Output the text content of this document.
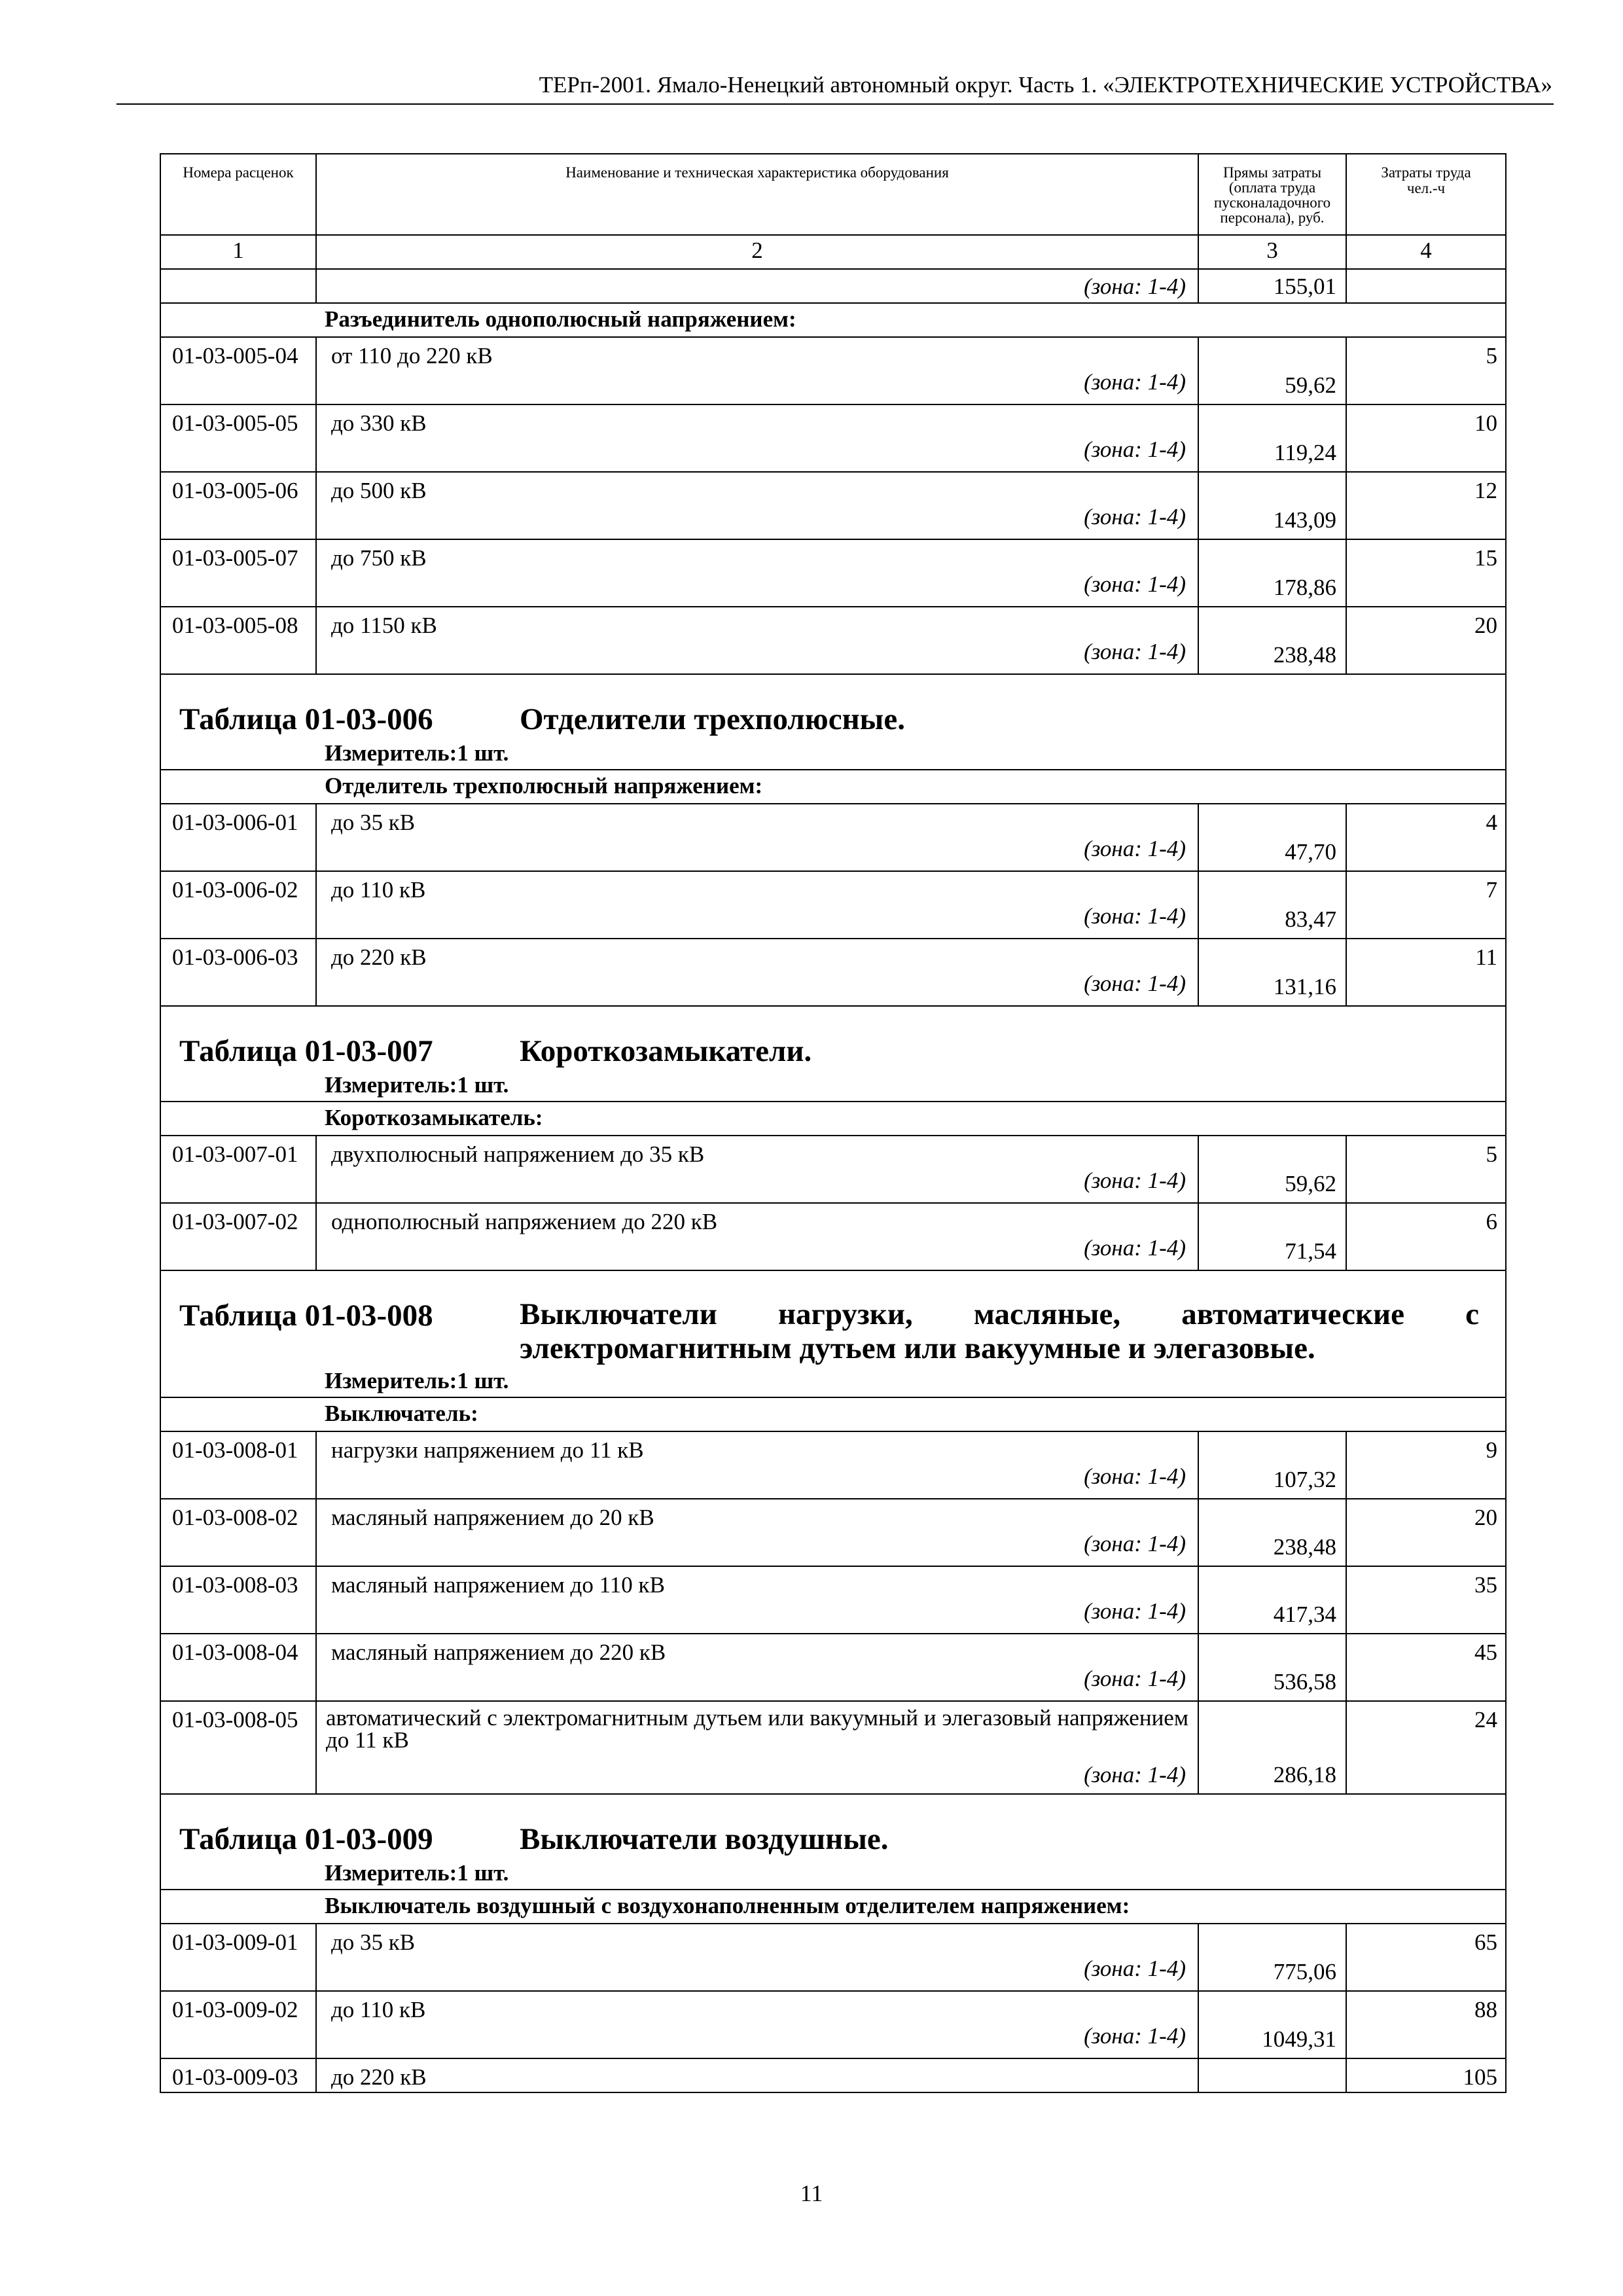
ТЕРп-2001. Ямало-Ненецкий автономный округ. Часть 1. «ЭЛЕКТРОТЕХНИЧЕСКИЕ УСТРОЙСТВА»
Номера расценок	Наименование и техническая характеристика оборудования	Прямы затраты (оплата труда пусконаладочного персонала), руб.	Затраты труда чел.-ч
1	2	3	4

	(зона: 1-4)	155,01	
Разъединитель однополюсный напряжением:			
01-03-005-04	от 110 до 220 кВ
(зона: 1-4)	59,62	5
01-03-005-05	до 330 кВ
(зона: 1-4)	119,24	10
01-03-005-06	до 500 кВ
(зона: 1-4)	143,09	12
01-03-005-07	до 750 кВ
(зона: 1-4)	178,86	15
01-03-005-08	до 1150 кВ
(зона: 1-4)	238,48	20

Таблица 01-03-006 Отделители трехполюсные.
Измеритель:1 шт.			

Отделитель трехполюсный напряжением:			
01-03-006-01	до 35 кВ
(зона: 1-4)	47,70	4
01-03-006-02	до 110 кВ
(зона: 1-4)	83,47	7
01-03-006-03	до 220 кВ
(зона: 1-4)	131,16	11

Таблица 01-03-007 Короткозамыкатели.
Измеритель:1 шт.			

Короткозамыкатель:			
01-03-007-01	двухполюсный напряжением до 35 кВ
(зона: 1-4)	59,62	5
01-03-007-02	однополюсный напряжением до 220 кВ
(зона: 1-4)	71,54	6

Таблица 01-03-008 Выключатели нагрузки, масляные, автоматические с электромагнитным дутьем или вакуумные и элегазовые.
Измеритель:1 шт.			

Выключатель:			
01-03-008-01	нагрузки напряжением до 11 кВ
(зона: 1-4)	107,32	9
01-03-008-02	масляный напряжением до 20 кВ
(зона: 1-4)	238,48	20
01-03-008-03	масляный напряжением до 110 кВ
(зона: 1-4)	417,34	35
01-03-008-04	масляный напряжением до 220 кВ
(зона: 1-4)	536,58	45
01-03-008-05	автоматический с электромагнитным дутьем или вакуумный и элегазовый напряжением до 11 кВ
(зона: 1-4)	286,18	24

Таблица 01-03-009 Выключатели воздушные.
Измеритель:1 шт.			

Выключатель воздушный с воздухонаполненным отделителем напряжением:			
01-03-009-01	до 35 кВ
(зона: 1-4)	775,06	65
01-03-009-02	до 110 кВ
(зона: 1-4)	1049,31	88
01-03-009-03	до 220 кВ		105
11
